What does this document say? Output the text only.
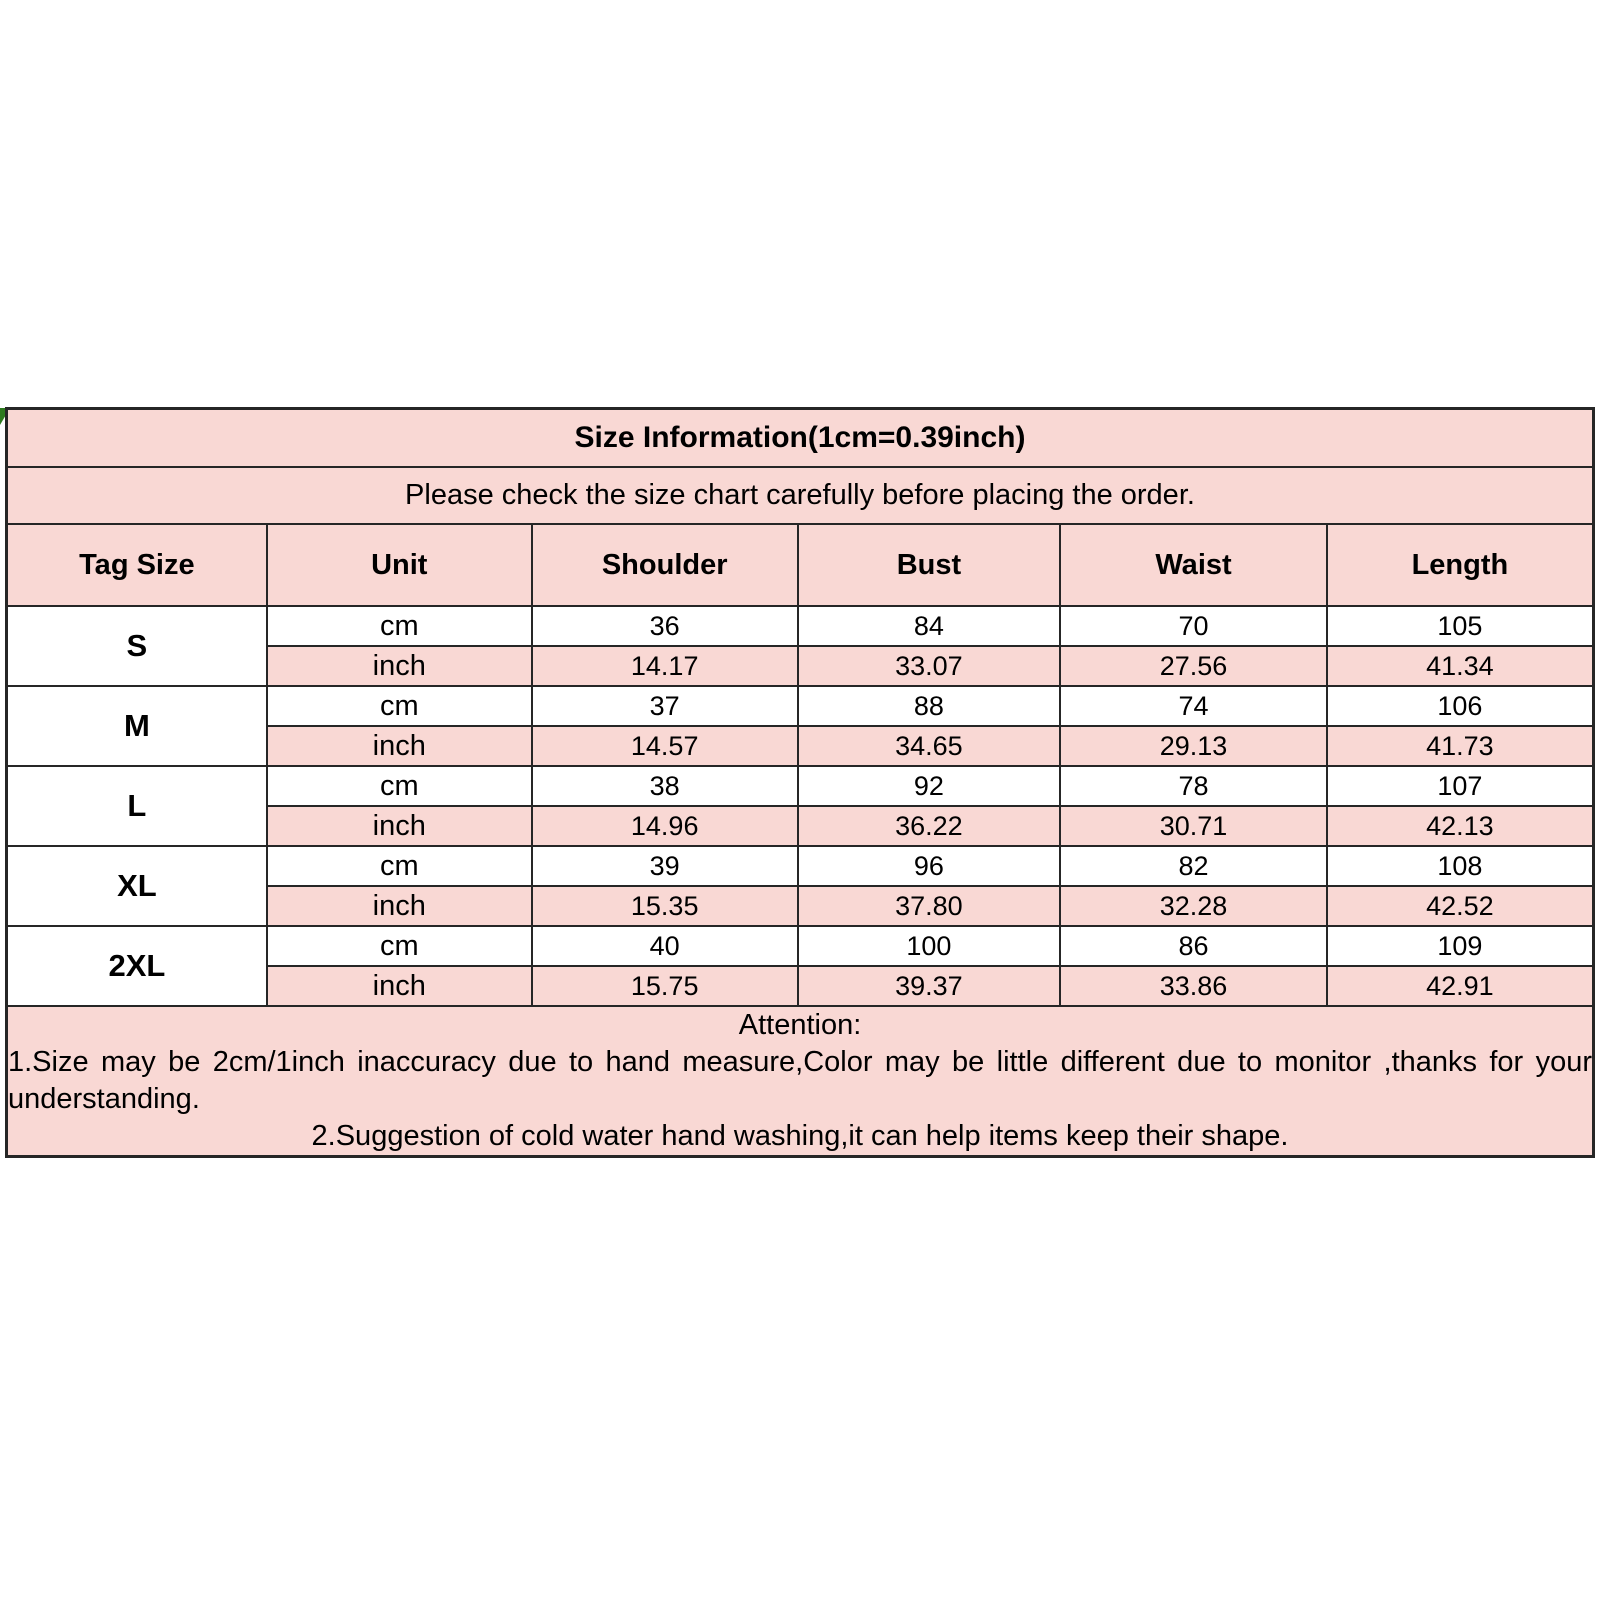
Size Information(1cm=0.39inch)					
Please check the size chart carefully before placing the order.					
Tag Size	Unit	Shoulder	Bust	Waist	Length
S	cm	36	84	70	105
	inch	14.17	33.07	27.56	41.34
M	cm	37	88	74	106
	inch	14.57	34.65	29.13	41.73
L	cm	38	92	78	107
	inch	14.96	36.22	30.71	42.13
XL	cm	39	96	82	108
	inch	15.35	37.80	32.28	42.52
2XL	cm	40	100	86	109
	inch	15.75	39.37	33.86	42.91

Attention:

1.Size may be 2cm/1inch inaccuracy due to hand measure,Color may be little different due to monitor ,thanks for your understanding.

2.Suggestion of cold water hand washing,it can help items keep their shape.					
